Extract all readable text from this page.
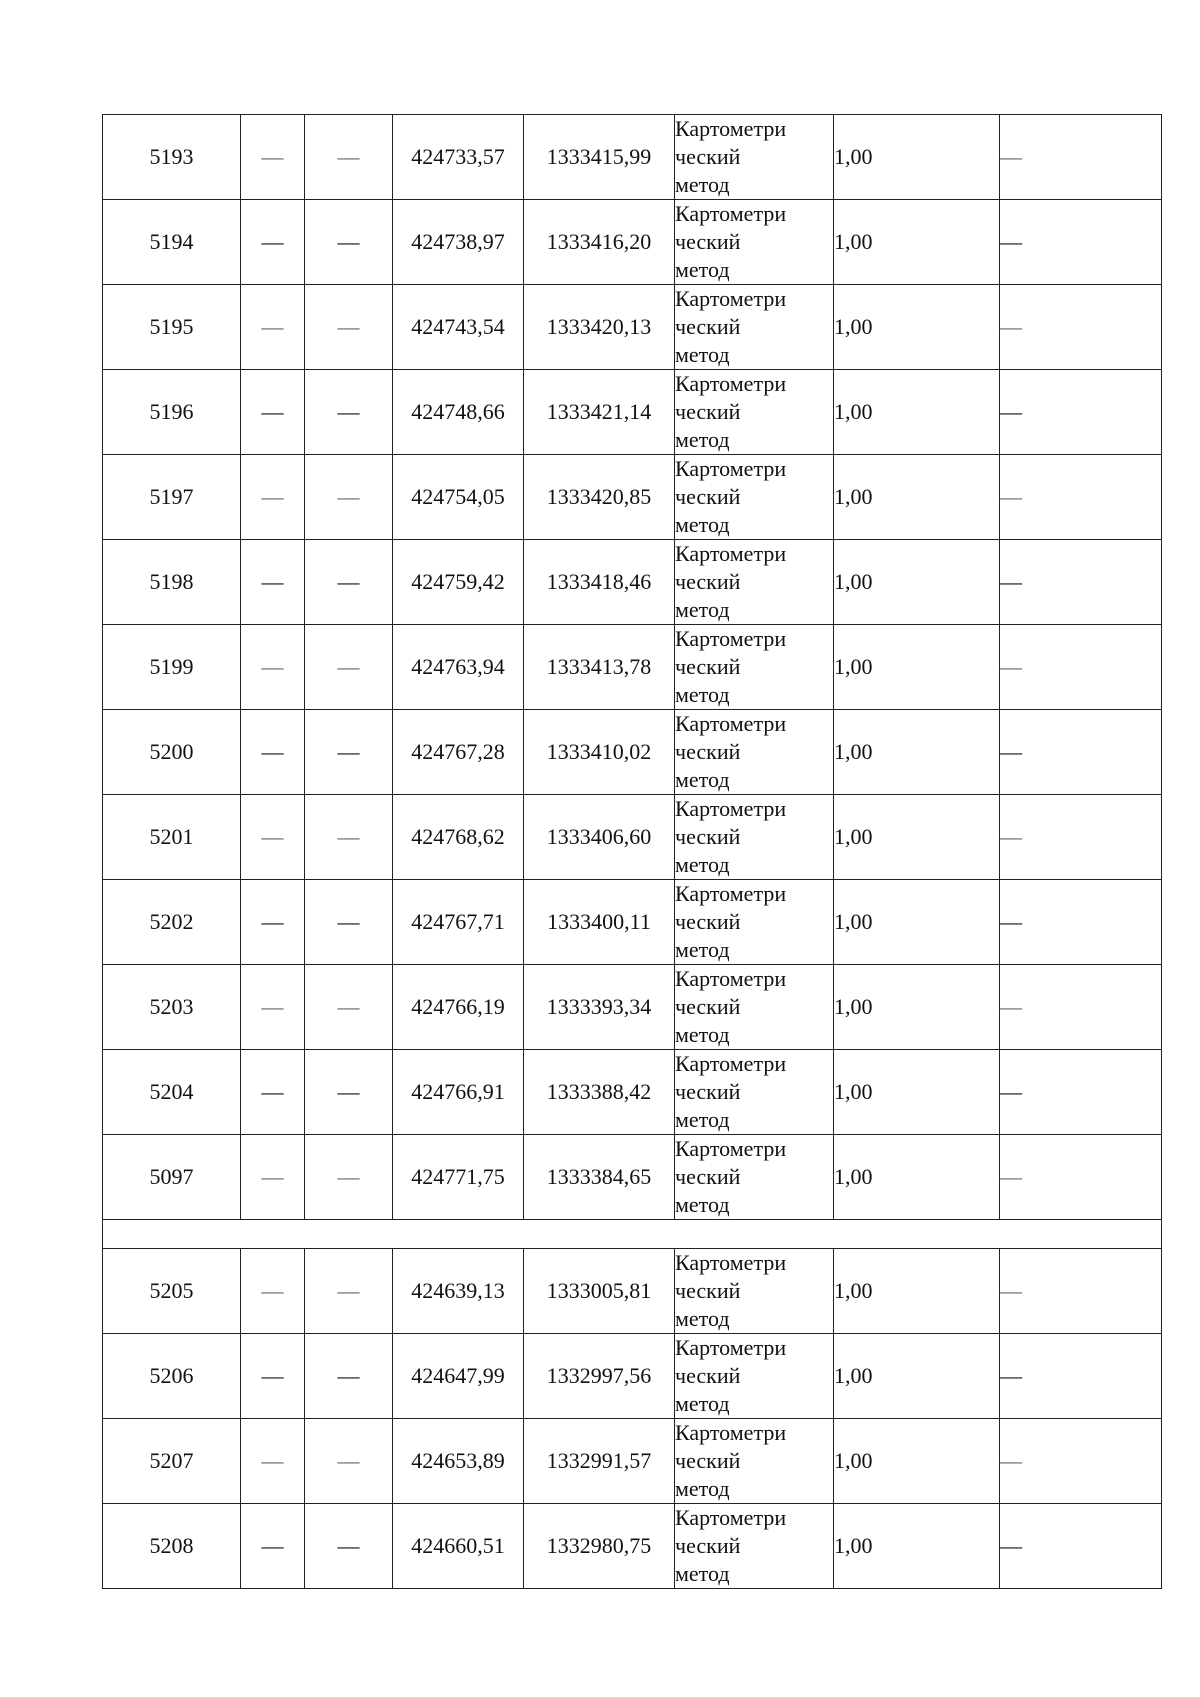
5193	—	—	424733,57	1333415,99	Картометри
ческий
метод	1,00	—
5194	—	—	424738,97	1333416,20	Картометри
ческий
метод	1,00	—
5195	—	—	424743,54	1333420,13	Картометри
ческий
метод	1,00	—
5196	—	—	424748,66	1333421,14	Картометри
ческий
метод	1,00	—
5197	—	—	424754,05	1333420,85	Картометри
ческий
метод	1,00	—
5198	—	—	424759,42	1333418,46	Картометри
ческий
метод	1,00	—
5199	—	—	424763,94	1333413,78	Картометри
ческий
метод	1,00	—
5200	—	—	424767,28	1333410,02	Картометри
ческий
метод	1,00	—
5201	—	—	424768,62	1333406,60	Картометри
ческий
метод	1,00	—
5202	—	—	424767,71	1333400,11	Картометри
ческий
метод	1,00	—
5203	—	—	424766,19	1333393,34	Картометри
ческий
метод	1,00	—
5204	—	—	424766,91	1333388,42	Картометри
ческий
метод	1,00	—
5097	—	—	424771,75	1333384,65	Картометри
ческий
метод	1,00	—

5205	—	—	424639,13	1333005,81	Картометри
ческий
метод	1,00	—
5206	—	—	424647,99	1332997,56	Картометри
ческий
метод	1,00	—
5207	—	—	424653,89	1332991,57	Картометри
ческий
метод	1,00	—
5208	—	—	424660,51	1332980,75	Картометри
ческий
метод	1,00	—
